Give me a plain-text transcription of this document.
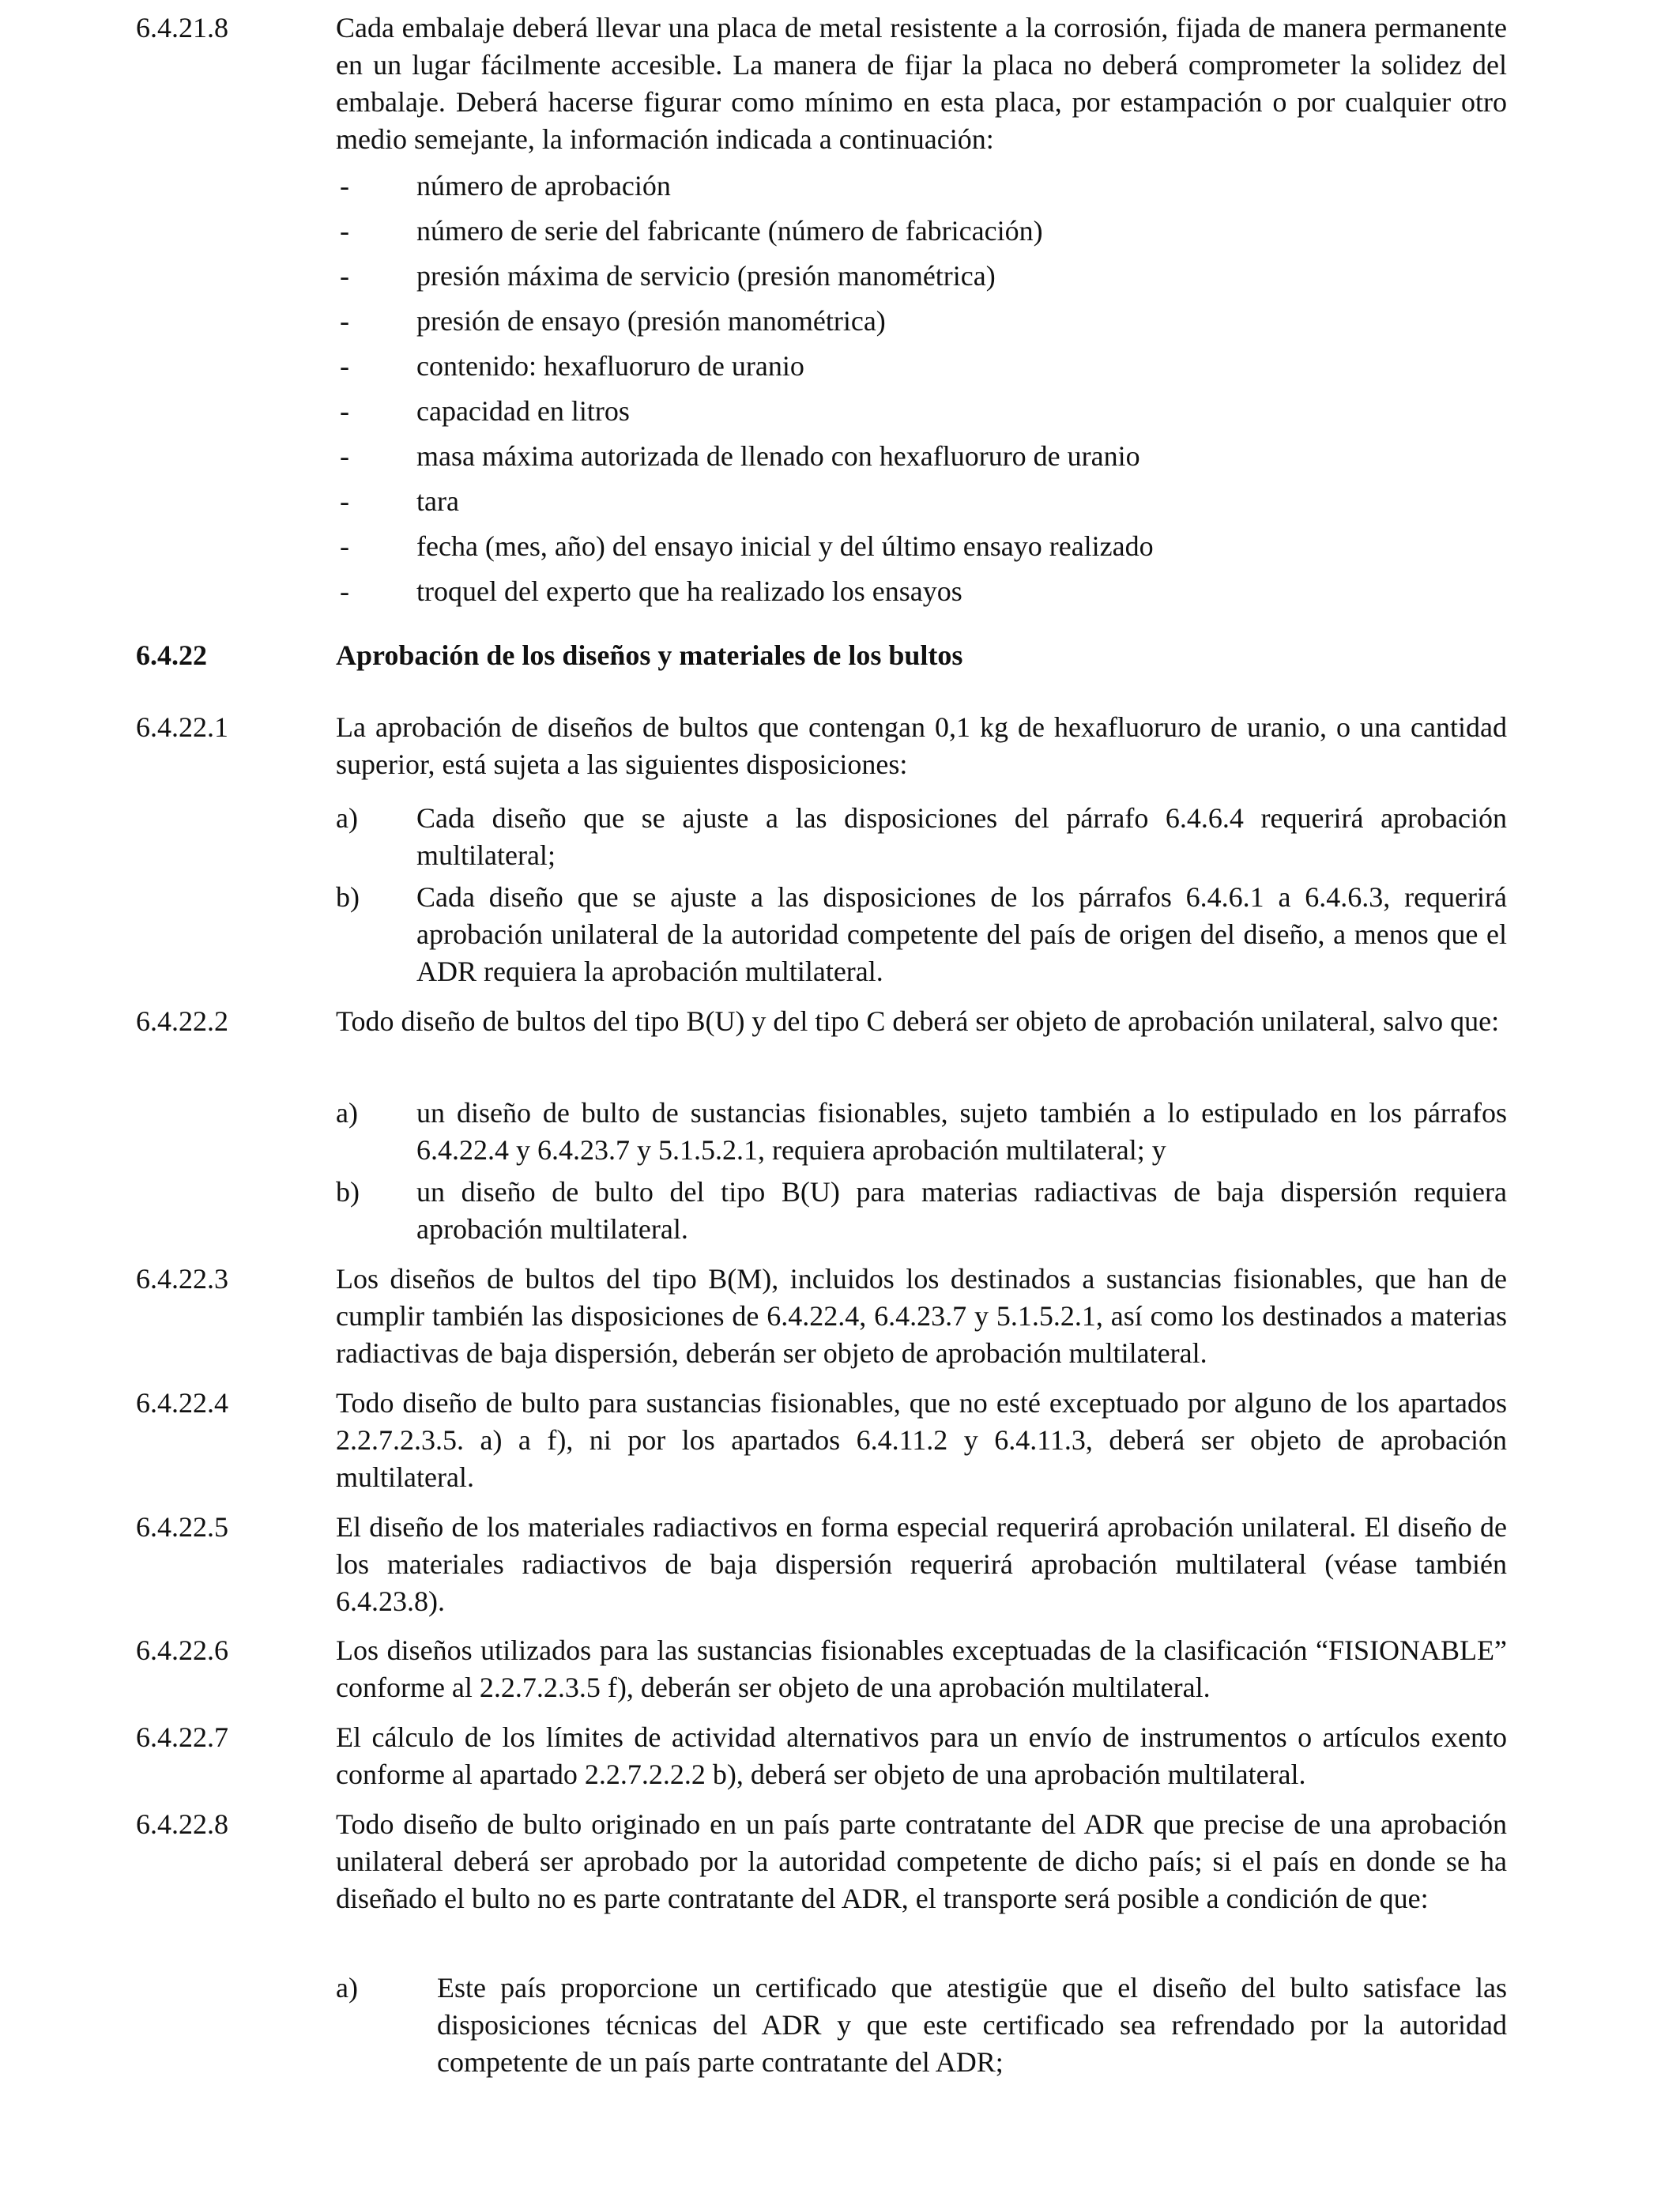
6.4.21.8	Cada embalaje deberá llevar una placa de metal resistente a la corrosión, fijada de manera permanente en un lugar fácilmente accesible. La manera de fijar la placa no deberá comprometer la solidez del embalaje. Deberá hacerse figurar como mínimo en esta placa, por estampación o por cualquier otro medio semejante, la información indicada a continuación:
- número de aprobación
- número de serie del fabricante (número de fabricación)
- presión máxima de servicio (presión manométrica)
- presión de ensayo (presión manométrica)
- contenido: hexafluoruro de uranio
- capacidad en litros
- masa máxima autorizada de llenado con hexafluoruro de uranio
- tara
- fecha (mes, año) del ensayo inicial y del último ensayo realizado
- troquel del experto que ha realizado los ensayos
6.4.22	Aprobación de los diseños y materiales de los bultos
6.4.22.1	La aprobación de diseños de bultos que contengan 0,1 kg de hexafluoruro de uranio, o una cantidad superior, está sujeta a las siguientes disposiciones:
a) Cada diseño que se ajuste a las disposiciones del párrafo 6.4.6.4 requerirá aprobación multilateral;
b) Cada diseño que se ajuste a las disposiciones de los párrafos 6.4.6.1 a 6.4.6.3, requerirá aprobación unilateral de la autoridad competente del país de origen del diseño, a menos que el ADR requiera la aprobación multilateral.
6.4.22.2	Todo diseño de bultos del tipo B(U) y del tipo C deberá ser objeto de aprobación unilateral, salvo que:
a) un diseño de bulto de sustancias fisionables, sujeto también a lo estipulado en los párrafos 6.4.22.4 y 6.4.23.7 y 5.1.5.2.1, requiera aprobación multilateral; y
b) un diseño de bulto del tipo B(U) para materias radiactivas de baja dispersión requiera aprobación multilateral.
6.4.22.3	Los diseños de bultos del tipo B(M), incluidos los destinados a sustancias fisionables, que han de cumplir también las disposiciones de 6.4.22.4, 6.4.23.7 y 5.1.5.2.1, así como los destinados a materias radiactivas de baja dispersión, deberán ser objeto de aprobación multilateral.
6.4.22.4	Todo diseño de bulto para sustancias fisionables, que no esté exceptuado por alguno de los apartados 2.2.7.2.3.5. a) a f), ni por los apartados 6.4.11.2 y 6.4.11.3, deberá ser objeto de aprobación multilateral.
6.4.22.5	El diseño de los materiales radiactivos en forma especial requerirá aprobación unilateral. El diseño de los materiales radiactivos de baja dispersión requerirá aprobación multilateral (véase también 6.4.23.8).
6.4.22.6	Los diseños utilizados para las sustancias fisionables exceptuadas de la clasificación “FISIONABLE” conforme al 2.2.7.2.3.5 f), deberán ser objeto de una aprobación multilateral.
6.4.22.7	El cálculo de los límites de actividad alternativos para un envío de instrumentos o artículos exento conforme al apartado 2.2.7.2.2.2 b), deberá ser objeto de una aprobación multilateral.
6.4.22.8	Todo diseño de bulto originado en un país parte contratante del ADR que precise de una aprobación unilateral deberá ser aprobado por la autoridad competente de dicho país; si el país en donde se ha diseñado el bulto no es parte contratante del ADR, el transporte será posible a condición de que:
a)	Este país proporcione un certificado que atestigüe que el diseño del bulto satisface las disposiciones técnicas del ADR y que este certificado sea refrendado por la autoridad competente de un país parte contratante del ADR;
